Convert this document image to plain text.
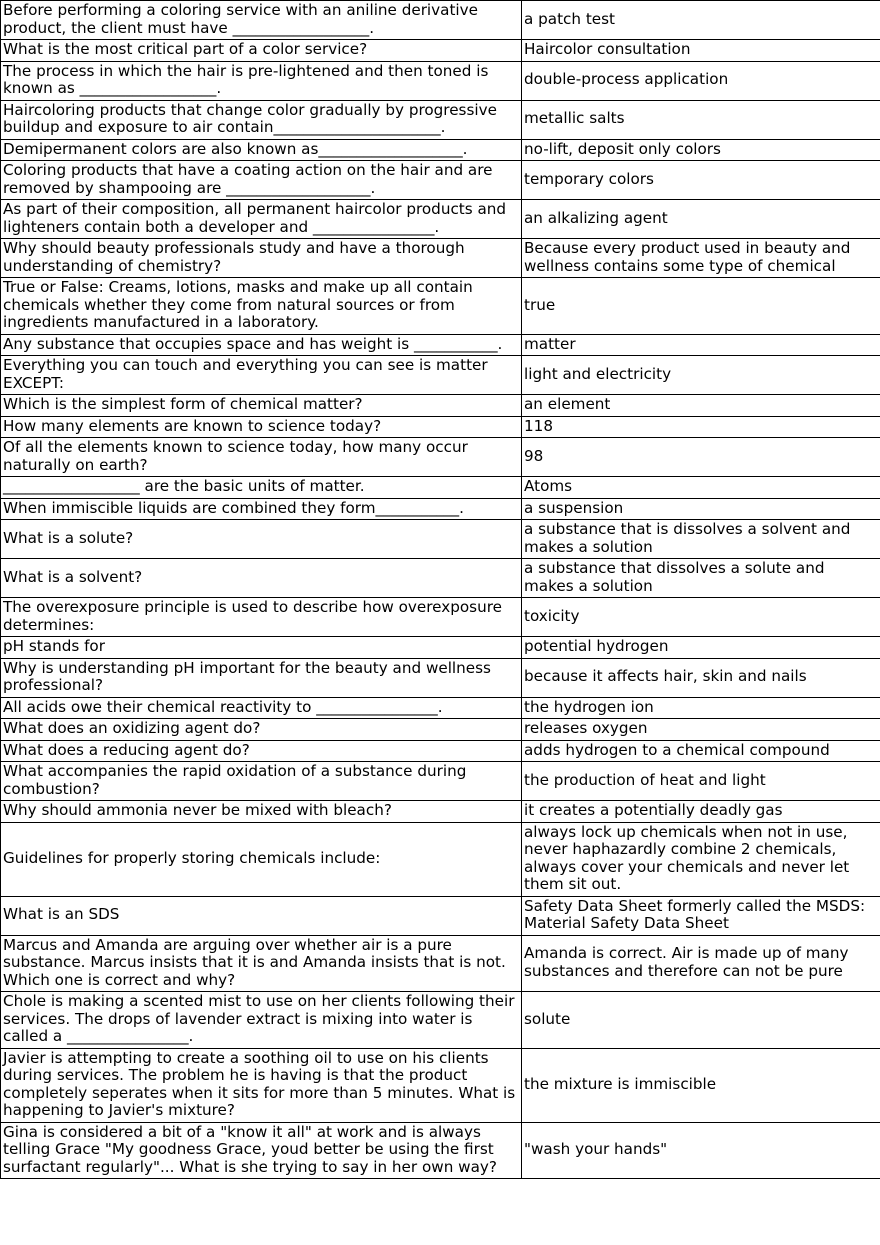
Before performing a coloring service with an aniline derivative product, the client must have __________________.	a patch test
What is the most critical part of a color service?	Haircolor consultation
The process in which the hair is pre-lightened and then toned is known as __________________.	double-process application
Haircoloring products that change color gradually by progressive buildup and exposure to air contain______________________.	metallic salts
Demipermanent colors are also known as___________________.	no-lift, deposit only colors
Coloring products that have a coating action on the hair and are removed by shampooing are ___________________.	temporary colors
As part of their composition, all permanent haircolor products and lighteners contain both a developer and ________________.	an alkalizing agent
Why should beauty professionals study and have a thorough understanding of chemistry?	Because every product used in beauty and wellness contains some type of chemical
True or False: Creams, lotions, masks and make up all contain chemicals whether they come from natural sources or from ingredients manufactured in a laboratory.	true
Any substance that occupies space and has weight is ___________.	matter
Everything you can touch and everything you can see is matter EXCEPT:	light and electricity
Which is the simplest form of chemical matter?	an element
How many elements are known to science today?	118
Of all the elements known to science today, how many occur naturally on earth?	98
__________________ are the basic units of matter.	Atoms
When immiscible liquids are combined they form___________.	a suspension
What is a solute?	a substance that is dissolves a solvent and makes a solution
What is a solvent?	a substance that dissolves a solute and makes a solution
The overexposure principle is used to describe how overexposure determines:	toxicity
pH stands for	potential hydrogen
Why is understanding pH important for the beauty and wellness professional?	because it affects hair, skin and nails
All acids owe their chemical reactivity to ________________.	the hydrogen ion
What does an oxidizing agent do?	releases oxygen
What does a reducing agent do?	adds hydrogen to a chemical compound
What accompanies the rapid oxidation of a substance during combustion?	the production of heat and light
Why should ammonia never be mixed with bleach?	it creates a potentially deadly gas
Guidelines for properly storing chemicals include:	always lock up chemicals when not in use, never haphazardly combine 2 chemicals, always cover your chemicals and never let them sit out.
What is an SDS	Safety Data Sheet formerly called the MSDS: Material Safety Data Sheet
Marcus and Amanda are arguing over whether air is a pure substance. Marcus insists that it is and Amanda insists that is not. Which one is correct and why?	Amanda is correct. Air is made up of many substances and therefore can not be pure
Chole is making a scented mist to use on her clients following their services. The drops of lavender extract is mixing into water is called a ________________.	solute
Javier is attempting to create a soothing oil to use on his clients during services. The problem he is having is that the product completely seperates when it sits for more than 5 minutes. What is happening to Javier's mixture?	the mixture is immiscible
Gina is considered a bit of a "know it all" at work and is always telling Grace "My goodness Grace, youd better be using the first surfactant regularly"... What is she trying to say in her own way?	"wash your hands"
